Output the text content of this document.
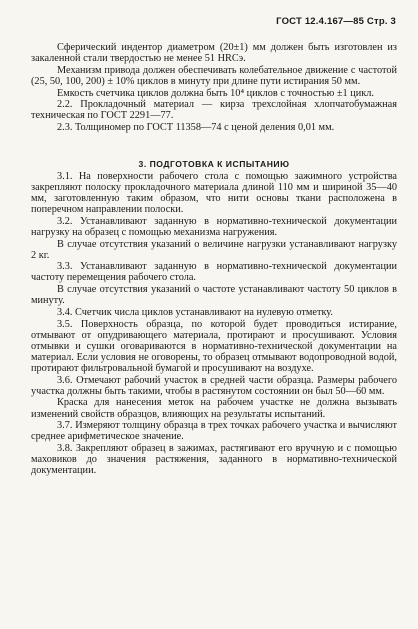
ГОСТ 12.4.167—85 Стр. 3

Сферический индентор диаметром (20±1) мм должен быть изготовлен из закаленной стали твердостью не менее 51 HRCэ.

Механизм привода должен обеспечивать колебательное движение с частотой (25, 50, 100, 200) ± 10% циклов в минуту при длине пути истирания 50 мм.

Емкость счетчика циклов должна быть 10⁴ циклов с точностью ±1 цикл.

2.2. Прокладочный материал — кирза трехслойная хлопчатобумажная техническая по ГОСТ 2291—77.

2.3. Толщиномер по ГОСТ 11358—74 с ценой деления 0,01 мм.

3. ПОДГОТОВКА К ИСПЫТАНИЮ

3.1. На поверхности рабочего стола с помощью зажимного устройства закрепляют полоску прокладочного материала длиной 110 мм и шириной 35—40 мм, заготовленную таким образом, что нити основы ткани расположена в поперечном направлении полоски.

3.2. Устанавливают заданную в нормативно-технической документации нагрузку на образец с помощью механизма нагружения.

В случае отсутствия указаний о величине нагрузки устанавливают нагрузку 2 кг.

3.3. Устанавливают заданную в нормативно-технической документации частоту перемещения рабочего стола.

В случае отсутствия указаний о частоте устанавливают частоту 50 циклов в минуту.

3.4. Счетчик числа циклов устанавливают на нулевую отметку.

3.5. Поверхность образца, по которой будет проводиться истирание, отмывают от опудривающего материала, протирают и просушивают. Условия отмывки и сушки оговариваются в нормативно-технической документации на материал. Если условия не оговорены, то образец отмывают водопроводной водой, протирают фильтровальной бумагой и просушивают на воздухе.

3.6. Отмечают рабочий участок в средней части образца. Размеры рабочего участка должны быть такими, чтобы в растянутом состоянии он был 50—60 мм.

Краска для нанесения меток на рабочем участке не должна вызывать изменений свойств образцов, влияющих на результаты испытаний.

3.7. Измеряют толщину образца в трех точках рабочего участка и вычисляют среднее арифметическое значение.

3.8. Закрепляют образец в зажимах, растягивают его вручную и с помощью маховиков до значения растяжения, заданного в нормативно-технической документации.
